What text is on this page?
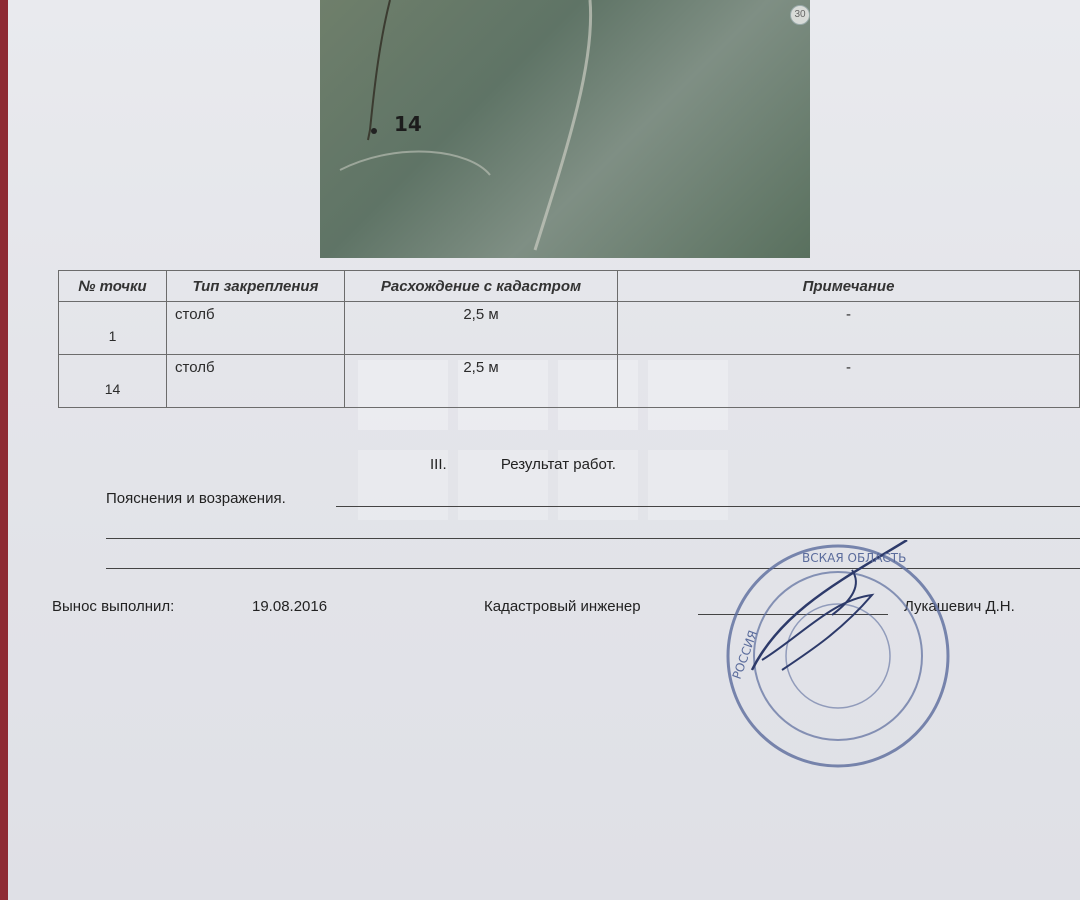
14
30
№ точки	Тип закрепления	Расхождение с кадастром	Примечание

1	столб	2,5 м	-

14	столб	2,5 м	-
III.	Результат работ.
Пояснения и возражения.
Вынос выполнил:	19.08.2016	Кадастровый инженер	Лукашевич Д.Н.
РОССИЯ
ВСКАЯ ОБЛАСТЬ
